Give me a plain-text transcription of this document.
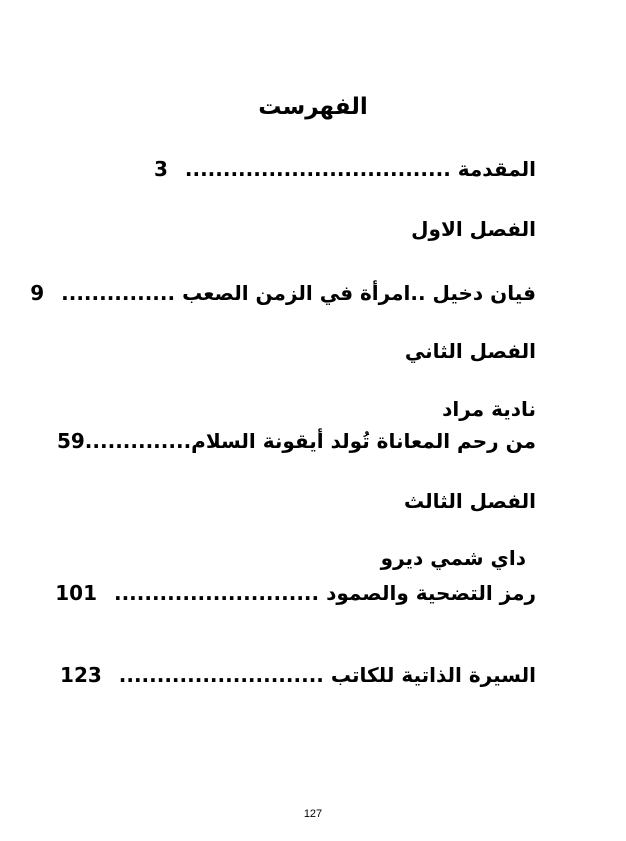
الفهرست
المقدمة ................................... 3
الفصل الاول
فيان دخيل ..امرأة في الزمن الصعب ............... 9
الفصل الثاني
نادية مراد
من رحم المعاناة تُولد أيقونة السلام..............59
الفصل الثالث
داي شمي ديرو
رمز التضحية والصمود ........................... 101
السيرة الذاتية للكاتب ........................... 123
127
